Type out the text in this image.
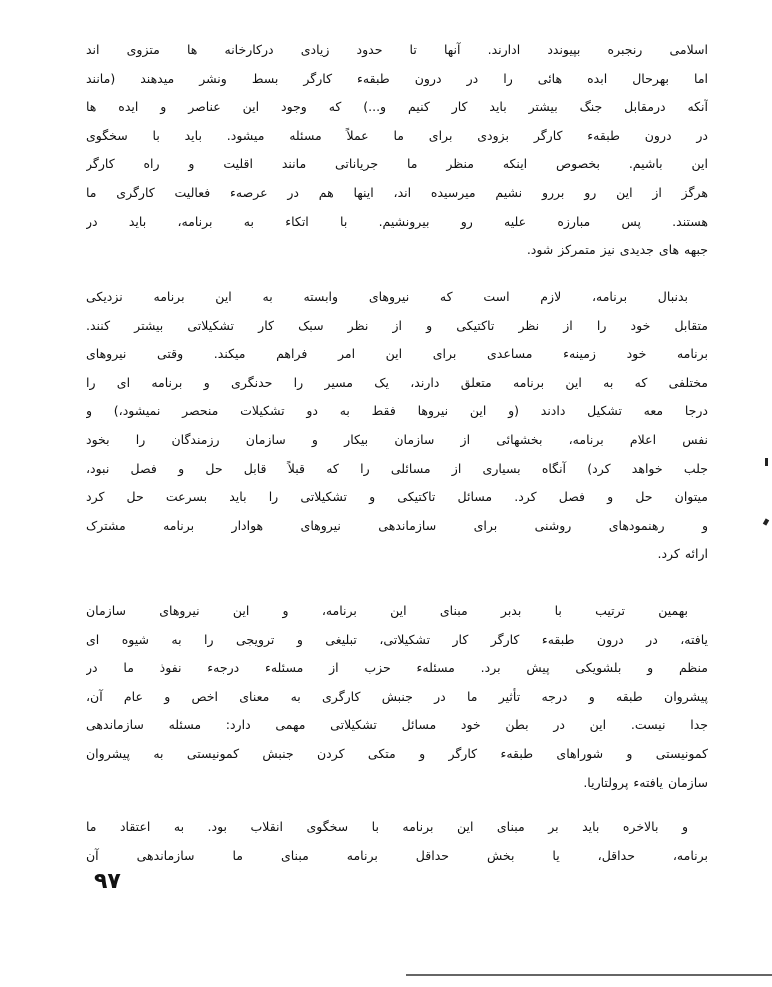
اسلامی رنجبره بپیوندد ادارند. آنها تا حدود زیادی درکارخانه ها متزوی اند
اما بهرحال ابده هائی را در درون طبقهء کارگر بسط ونشر میدهند (مانند
آنکه درمقابل جنگ بیشتر باید کار کنیم و...) که وجود این عناصر و ایده ها
در درون طبقهء کارگر بزودی برای ما عملاً مسئله میشود. باید با سخگوی
این باشیم. بخصوص اینکه منظر ما جریاناتی مانند اقلیت و راه کارگر
هرگز از این رو بررو نشیم میرسیده اند، اینها هم در عرصهء فعالیت کارگری ما
هستند. پس مبارزه علیه رو بیرونشیم. با اتکاء به برنامه، باید در
جبهه های جدیدی نیز متمرکز شود.
بدنبال برنامه، لازم است که نیروهای وابسته به این برنامه نزدیکی
متقابل خود را از نظر تاکتیکی و از نظر سبک کار تشکیلاتی بیشتر کنند.
برنامه خود زمینهء مساعدی برای این امر فراهم میکند. وقتی نیروهای
مختلفی که به این برنامه متعلق دارند، یک مسیر را حدنگری و برنامه ای را
درجا معه تشکیل دادند (و این نیروها فقط به دو تشکیلات منحصر نمیشود،) و
نفس اعلام برنامه، بخشهائی از سازمان بیکار و سازمان رزمندگان را بخود
جلب خواهد کرد) آنگاه بسیاری از مسائلی را که قبلاً قابل حل و فصل نبود،
میتوان حل و فصل کرد. مسائل تاکتیکی و تشکیلاتی را باید بسرعت حل کرد
و رهنمودهای روشنی برای سازماندهی نیروهای هوادار برنامه مشترک
ارائه کرد.
بهمین ترتیب با بدبر مبنای این برنامه، و این نیروهای سازمان
یافته، در درون طبقهء کارگر کار تشکیلاتی، تبلیغی و ترویجی را به شیوه ای
منظم و بلشویکی پیش برد. مسئلهء حزب از مسئلهء درجهء نفوذ ما در
پیشروان طبقه و درجه تأثیر ما در جنبش کارگری به معنای اخص و عام آن،
جدا نیست. این در بطن خود مسائل تشکیلاتی مهمی دارد: مسئله سازماندهی
کمونیستی و شوراهای طبقهء کارگر و متکی کردن جنبش کمونیستی به پیشروان
سازمان یافتهء پرولتاریا.
و بالاخره باید بر مبنای این برنامه با سخگوی انقلاب بود. به اعتقاد ما
برنامه، حداقل، یا بخش حداقل برنامه مبنای ما سازماندهی آن
۹۷
